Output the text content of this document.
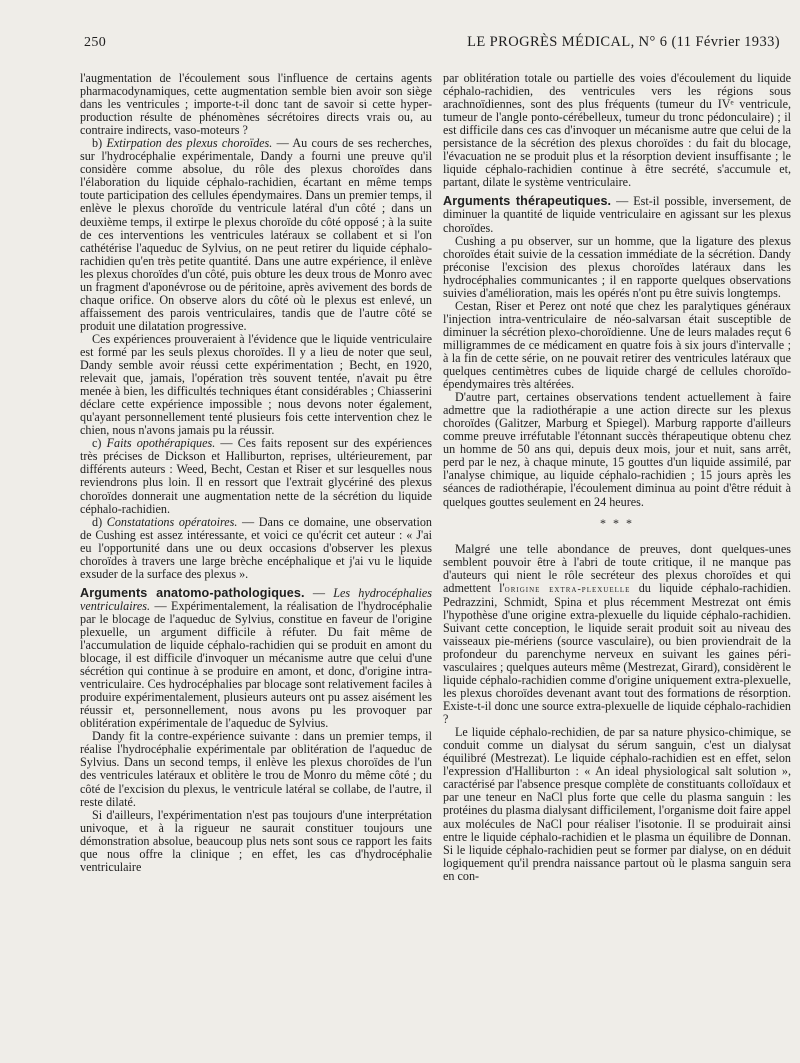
250	LE PROGRÈS MÉDICAL, N° 6 (11 Février 1933)

l'augmentation de l'écoulement sous l'influence de certains agents pharmacodynamiques, cette augmentation semble bien avoir son siège dans les ventricules ; importe-t-il donc tant de savoir si cette hyper-production résulte de phénomènes sécrétoires directs vrais ou, au contraire indirects, vaso-moteurs ?

b) Extirpation des plexus choroïdes. — Au cours de ses recherches, sur l'hydrocéphalie expérimentale, Dandy a fourni une preuve qu'il considère comme absolue, du rôle des plexus choroïdes dans l'élaboration du liquide céphalo-rachidien, écartant en même temps toute participation des cellules épendymaires. Dans un premier temps, il enlève le plexus choroïde du ventricule latéral d'un côté ; dans un deuxième temps, il extirpe le plexus choroïde du côté opposé ; à la suite de ces interventions les ventricules latéraux se collabent et si l'on cathétérise l'aqueduc de Sylvius, on ne peut retirer du liquide céphalo-rachidien qu'en très petite quantité. Dans une autre expérience, il enlève les plexus choroïdes d'un côté, puis obture les deux trous de Monro avec un fragment d'aponévrose ou de péritoine, après avivement des bords de chaque orifice. On observe alors du côté où le plexus est enlevé, un affaissement des parois ventriculaires, tandis que de l'autre côté se produit une dilatation progressive.

Ces expériences prouveraient à l'évidence que le liquide ventriculaire est formé par les seuls plexus choroïdes. Il y a lieu de noter que seul, Dandy semble avoir réussi cette expérimentation ; Becht, en 1920, relevait que, jamais, l'opération très souvent tentée, n'avait pu être menée à bien, les difficultés techniques étant considérables ; Chiasserini déclare cette expérience impossible ; nous devons noter également, qu'ayant personnellement tenté plusieurs fois cette intervention chez le chien, nous n'avons jamais pu la réussir.

c) Faits opothérapiques. — Ces faits reposent sur des expériences très précises de Dickson et Halliburton, reprises, ultérieurement, par différents auteurs : Weed, Becht, Cestan et Riser et sur lesquelles nous reviendrons plus loin. Il en ressort que l'extrait glycériné des plexus choroïdes donnerait une augmentation nette de la sécrétion du liquide céphalo-rachidien.

d) Constatations opératoires. — Dans ce domaine, une observation de Cushing est assez intéressante, et voici ce qu'écrit cet auteur : « J'ai eu l'opportunité dans une ou deux occasions d'observer les plexus choroïdes à travers une large brèche encéphalique et j'ai vu le liquide exsuder de la surface des plexus ».

Arguments anatomo-pathologiques. — Les hydrocéphalies ventriculaires. — Expérimentalement, la réalisation de l'hydrocéphalie par le blocage de l'aqueduc de Sylvius, constitue en faveur de l'origine plexuelle, un argument difficile à réfuter. Du fait même de l'accumulation de liquide céphalo-rachidien qui se produit en amont du blocage, il est difficile d'invoquer un mécanisme autre que celui d'une sécrétion qui continue à se produire en amont, et donc, d'origine intra-ventriculaire. Ces hydrocéphalies par blocage sont relativement faciles à produire expérimentalement, plusieurs auteurs ont pu assez aisément les réussir et, personnellement, nous avons pu les provoquer par oblitération expérimentale de l'aqueduc de Sylvius.

Dandy fit la contre-expérience suivante : dans un premier temps, il réalise l'hydrocéphalie expérimentale par oblitération de l'aqueduc de Sylvius. Dans un second temps, il enlève les plexus choroïdes de l'un des ventricules latéraux et oblitère le trou de Monro du même côté ; du côté de l'excision du plexus, le ventricule latéral se collabe, de l'autre, il reste dilaté.

Si d'ailleurs, l'expérimentation n'est pas toujours d'une interprétation univoque, et à la rigueur ne saurait constituer toujours une démonstration absolue, beaucoup plus nets sont sous ce rapport les faits que nous offre la clinique ; en effet, les cas d'hydrocéphalie ventriculaire

par oblitération totale ou partielle des voies d'écoulement du liquide céphalo-rachidien, des ventricules vers les régions sous arachnoïdiennes, sont des plus fréquents (tumeur du IVᵉ ventricule, tumeur de l'angle ponto-cérébelleux, tumeur du tronc pédonculaire) ; il est difficile dans ces cas d'invoquer un mécanisme autre que celui de la persistance de la sécrétion des plexus choroïdes : du fait du blocage, l'évacuation ne se produit plus et la résorption devient insuffisante ; le liquide céphalo-rachidien continue à être secrété, s'accumule et, partant, dilate le système ventriculaire.

Arguments thérapeutiques. — Est-il possible, inversement, de diminuer la quantité de liquide ventriculaire en agissant sur les plexus choroïdes.

Cushing a pu observer, sur un homme, que la ligature des plexus choroïdes était suivie de la cessation immédiate de la sécrétion. Dandy préconise l'excision des plexus choroïdes latéraux dans les hydrocéphalies communicantes ; il en rapporte quelques observations suivies d'amélioration, mais les opérés n'ont pu être suivis longtemps.

Cestan, Riser et Perez ont noté que chez les paralytiques généraux l'injection intra-ventriculaire de néo-salvarsan était susceptible de diminuer la sécrétion plexo-choroïdienne. Une de leurs malades reçut 6 milligrammes de ce médicament en quatre fois à six jours d'intervalle ; à la fin de cette série, on ne pouvait retirer des ventricules latéraux que quelques centimètres cubes de liquide chargé de cellules choroïdo-épendymaires très altérées.

D'autre part, certaines observations tendent actuellement à faire admettre que la radiothérapie a une action directe sur les plexus choroïdes (Galitzer, Marburg et Spiegel). Marburg rapporte d'ailleurs comme preuve irréfutable l'étonnant succès thérapeutique obtenu chez un homme de 50 ans qui, depuis deux mois, jour et nuit, sans arrêt, perd par le nez, à chaque minute, 15 gouttes d'un liquide assimilé, par l'analyse chimique, au liquide céphalo-rachidien ; 15 jours après les séances de radiothérapie, l'écoulement diminua au point d'être réduit à quelques gouttes seulement en 24 heures.

* * *

Malgré une telle abondance de preuves, dont quelques-unes semblent pouvoir être à l'abri de toute critique, il ne manque pas d'auteurs qui nient le rôle secréteur des plexus choroïdes et qui admettent l'origine extra-plexuelle du liquide céphalo-rachidien. Pedrazzini, Schmidt, Spina et plus récemment Mestrezat ont émis l'hypothèse d'une origine extra-plexuelle du liquide céphalo-rachidien. Suivant cette conception, le liquide serait produit soit au niveau des vaisseaux pie-mériens (source vasculaire), ou bien proviendrait de la profondeur du parenchyme nerveux en suivant les gaines péri-vasculaires ; quelques auteurs même (Mestrezat, Girard), considèrent le liquide céphalo-rachidien comme d'origine uniquement extra-plexuelle, les plexus choroïdes devenant avant tout des formations de résorption. Existe-t-il donc une source extra-plexuelle de liquide céphalo-rachidien ?

Le liquide céphalo-rechidien, de par sa nature physico-chimique, se conduit comme un dialysat du sérum sanguin, c'est un dialysat équilibré (Mestrezat). Le liquide céphalo-rachidien est en effet, selon l'expression d'Halliburton : « An ideal physiological salt solution », caractérisé par l'absence presque complète de constituants colloïdaux et par une teneur en NaCl plus forte que celle du plasma sanguin : les protéines du plasma dialysant difficilement, l'organisme doit faire appel aux molécules de NaCl pour réaliser l'isotonie. Il se produirait ainsi entre le liquide céphalo-rachidien et le plasma un équilibre de Donnan. Si le liquide céphalo-rachidien peut se former par dialyse, on en déduit logiquement qu'il prendra naissance partout où le plasma sanguin sera en con-
